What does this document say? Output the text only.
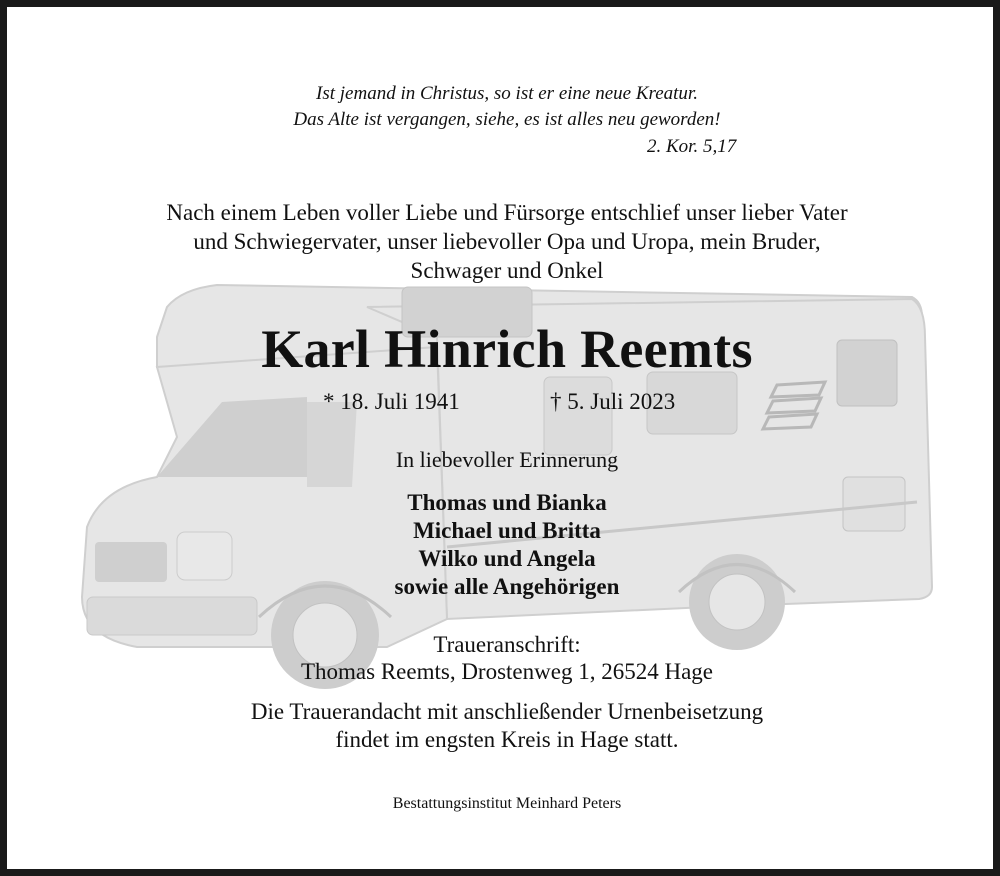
Ist jemand in Christus, so ist er eine neue Kreatur.
Das Alte ist vergangen, siehe, es ist alles neu geworden!
2. Kor. 5,17
Nach einem Leben voller Liebe und Fürsorge entschlief unser lieber Vater
und Schwiegervater, unser liebevoller Opa und Uropa, mein Bruder,
Schwager und Onkel
Karl Hinrich Reemts
* 18. Juli 1941	† 5. Juli 2023
In liebevoller Erinnerung
Thomas und Bianka
Michael und Britta
Wilko und Angela
sowie alle Angehörigen
Traueranschrift:
Thomas Reemts, Drostenweg 1, 26524 Hage
Die Trauerandacht mit anschließender Urnenbeisetzung
findet im engsten Kreis in Hage statt.
Bestattungsinstitut Meinhard Peters
